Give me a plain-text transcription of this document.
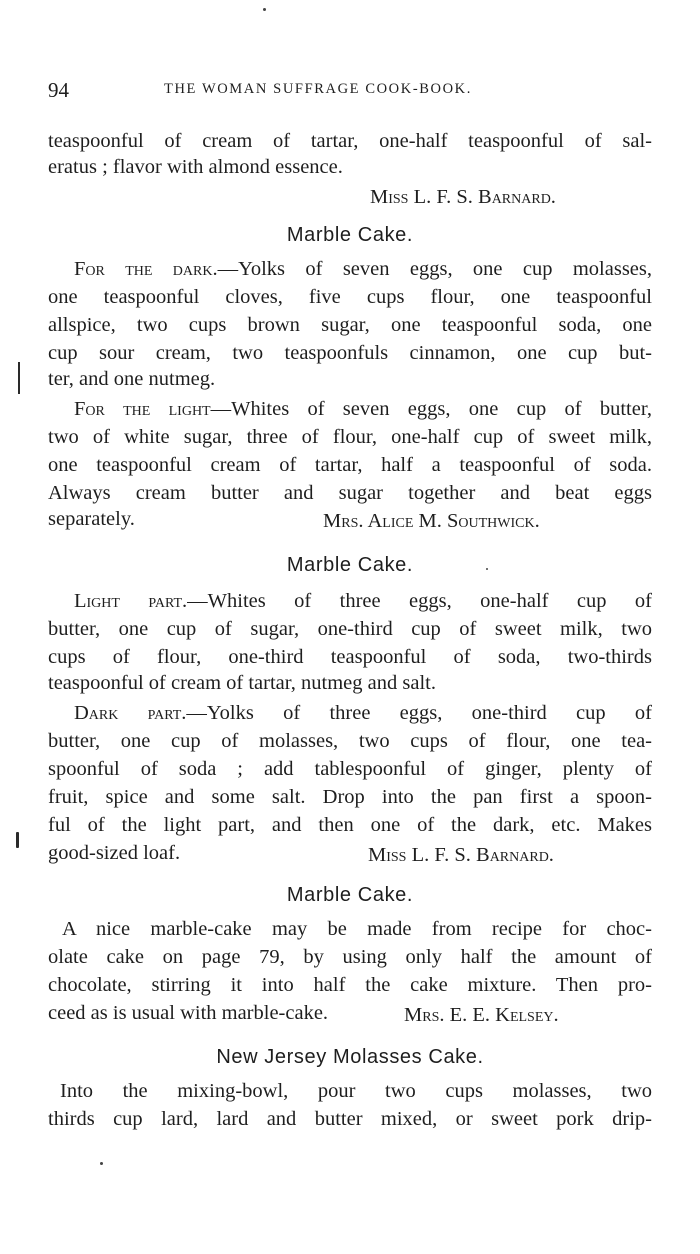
94	THE WOMAN SUFFRAGE COOK-BOOK.
teaspoonful of cream of tartar, one-half teaspoonful of sal-
eratus ; flavor with almond essence.
Miss L. F. S. Barnard.
Marble Cake.
For the dark.—Yolks of seven eggs, one cup molasses,
one teaspoonful cloves, five cups flour, one teaspoonful
allspice, two cups brown sugar, one teaspoonful soda, one
cup sour cream, two teaspoonfuls cinnamon, one cup but-
ter, and one nutmeg.
For the light—Whites of seven eggs, one cup of butter,
two of white sugar, three of flour, one-half cup of sweet milk,
one teaspoonful cream of tartar, half a teaspoonful of soda.
Always cream butter and sugar together and beat eggs
separately.	Mrs. Alice M. Southwick.
Marble Cake.
Light part.—Whites of three eggs, one-half cup of
butter, one cup of sugar, one-third cup of sweet milk, two
cups of flour, one-third teaspoonful of soda, two-thirds
teaspoonful of cream of tartar, nutmeg and salt.
Dark part.—Yolks of three eggs, one-third cup of
butter, one cup of molasses, two cups of flour, one tea-
spoonful of soda ; add tablespoonful of ginger, plenty of
fruit, spice and some salt. Drop into the pan first a spoon-
ful of the light part, and then one of the dark, etc. Makes
good-sized loaf.	Miss L. F. S. Barnard.
Marble Cake.
A nice marble-cake may be made from recipe for choc-
olate cake on page 79, by using only half the amount of
chocolate, stirring it into half the cake mixture. Then pro-
ceed as is usual with marble-cake.	Mrs. E. E. Kelsey.
New Jersey Molasses Cake.
Into the mixing-bowl, pour two cups molasses, two
thirds cup lard, lard and butter mixed, or sweet pork drip-
